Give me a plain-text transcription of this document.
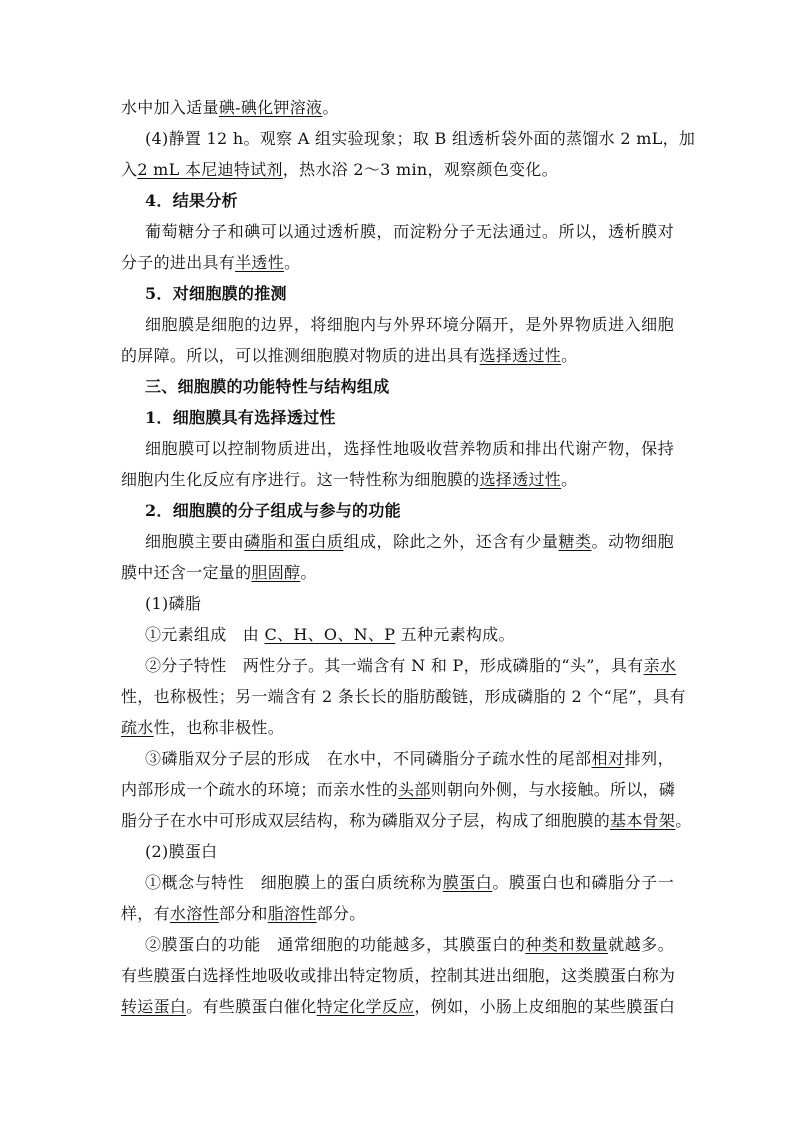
水中加入适量碘-碘化钾溶液。
(4)静置 12 h。观察 A 组实验现象；取 B 组透析袋外面的蒸馏水 2 mL，加
入2 mL 本尼迪特试剂，热水浴 2～3 min，观察颜色变化。
4．结果分析
葡萄糖分子和碘可以通过透析膜，而淀粉分子无法通过。所以，透析膜对
分子的进出具有半透性。
5．对细胞膜的推测
细胞膜是细胞的边界，将细胞内与外界环境分隔开，是外界物质进入细胞
的屏障。所以，可以推测细胞膜对物质的进出具有选择透过性。
三、细胞膜的功能特性与结构组成
1．细胞膜具有选择透过性
细胞膜可以控制物质进出，选择性地吸收营养物质和排出代谢产物，保持
细胞内生化反应有序进行。这一特性称为细胞膜的选择透过性。
2．细胞膜的分子组成与参与的功能
细胞膜主要由磷脂和蛋白质组成，除此之外，还含有少量糖类。动物细胞
膜中还含一定量的胆固醇。
(1)磷脂
①元素组成　由 C、H、O、N、P 五种元素构成。
②分子特性　两性分子。其一端含有 N 和 P，形成磷脂的“头”，具有亲水
性，也称极性；另一端含有 2 条长长的脂肪酸链，形成磷脂的 2 个“尾”，具有
疏水性，也称非极性。
③磷脂双分子层的形成　在水中，不同磷脂分子疏水性的尾部相对排列，
内部形成一个疏水的环境；而亲水性的头部则朝向外侧，与水接触。所以，磷
脂分子在水中可形成双层结构，称为磷脂双分子层，构成了细胞膜的基本骨架。
(2)膜蛋白
①概念与特性　细胞膜上的蛋白质统称为膜蛋白。膜蛋白也和磷脂分子一
样，有水溶性部分和脂溶性部分。
②膜蛋白的功能　通常细胞的功能越多，其膜蛋白的种类和数量就越多。
有些膜蛋白选择性地吸收或排出特定物质，控制其进出细胞，这类膜蛋白称为
转运蛋白。有些膜蛋白催化特定化学反应，例如，小肠上皮细胞的某些膜蛋白
